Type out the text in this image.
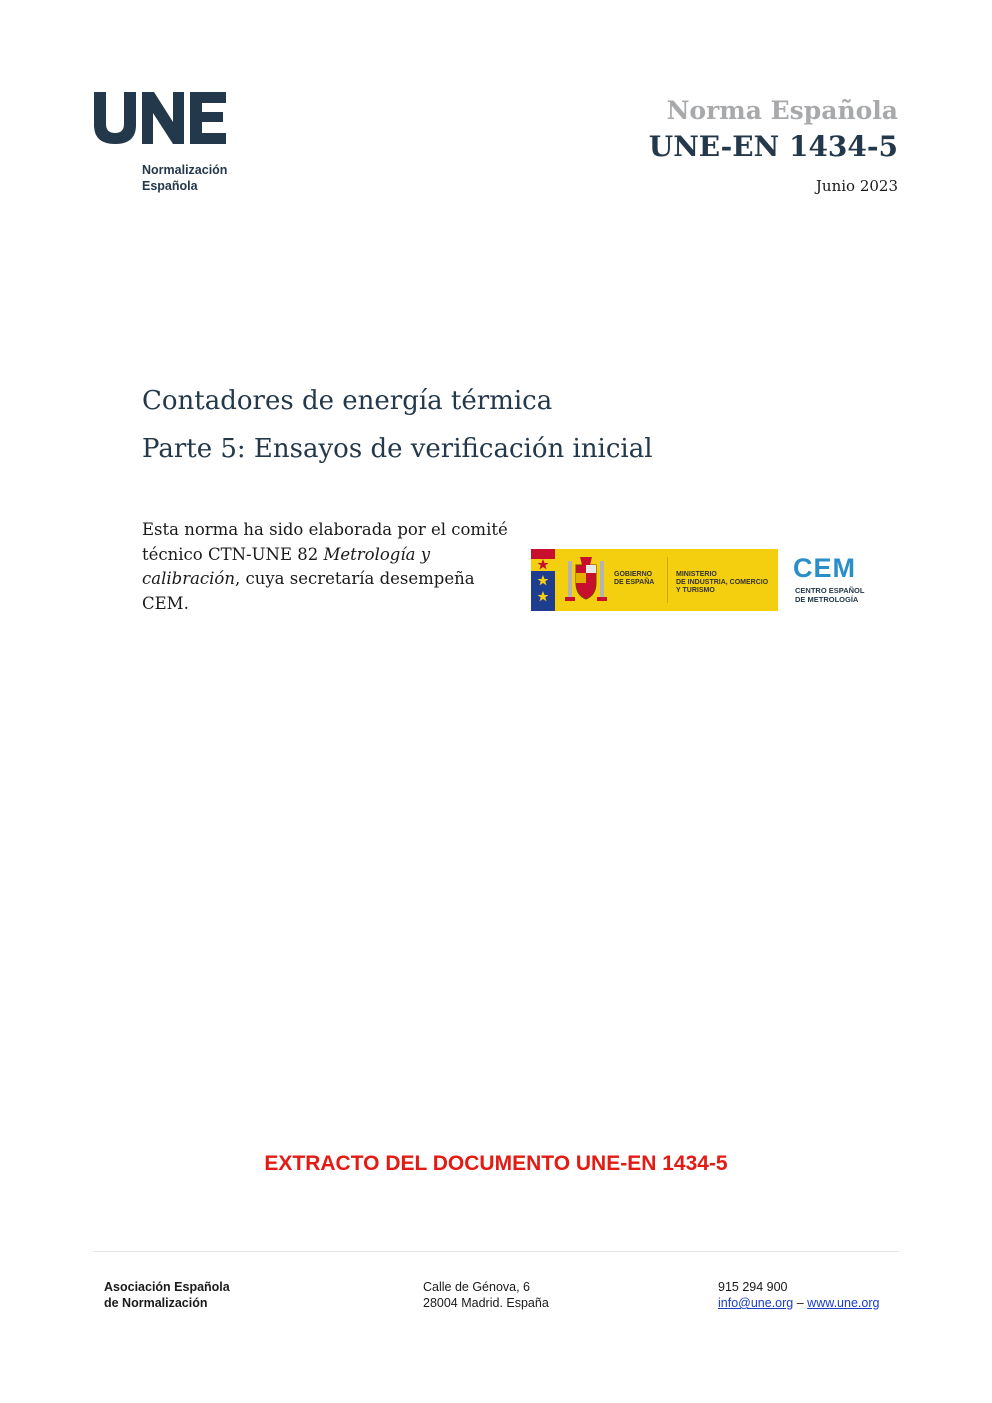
Normalización
Española
Norma Española
UNE-EN 1434-5
Junio 2023
Contadores de energía térmica
Parte 5: Ensayos de verificación inicial
Esta norma ha sido elaborada por el comité técnico CTN-UNE 82 Metrología y calibración, cuya secretaría desempeña CEM.
GOBIERNO
DE ESPAÑA
MINISTERIO
DE INDUSTRIA, COMERCIO
Y TURISMO
CEM
CENTRO ESPAÑOL
DE METROLOGÍA
EXTRACTO DEL DOCUMENTO UNE-EN 1434-5
Asociación Española
de Normalización
Calle de Génova, 6
28004 Madrid. España
915 294 900
info@une.org – www.une.org
